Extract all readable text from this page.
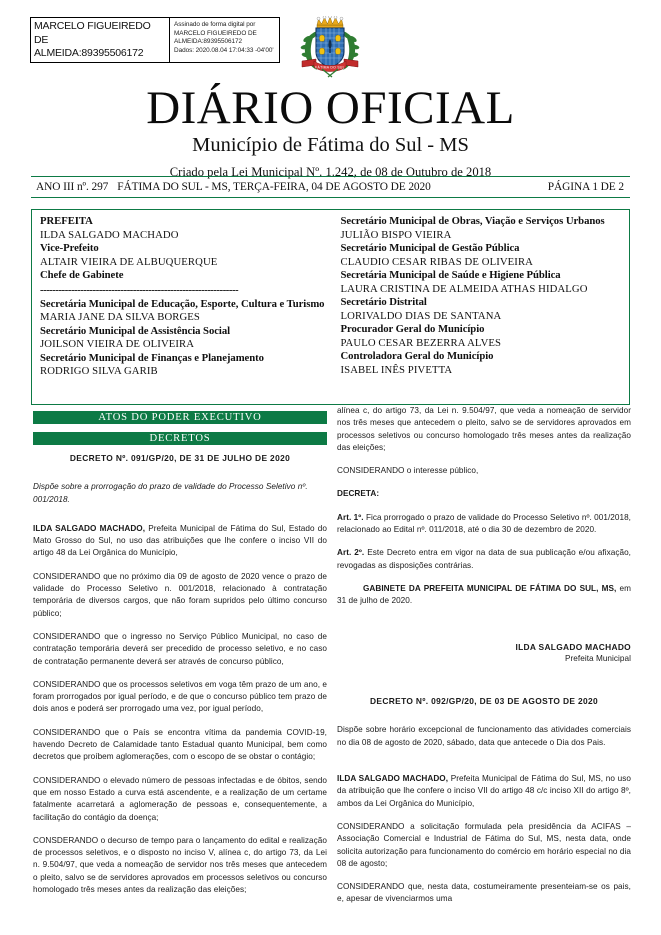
MARCELO FIGUEIREDO
DE
ALMEIDA:89395506172
Assinado de forma digital por
MARCELO FIGUEIREDO DE
ALMEIDA:89395506172
Dados: 2020.08.04 17:04:33 -04'00'
FÁTIMA DO SUL
DIÁRIO OFICIAL
Município de Fátima do Sul - MS
Criado pela Lei Municipal Nº. 1.242, de 08 de Outubro de 2018
ANO III nº. 297 FÁTIMA DO SUL - MS, TERÇA-FEIRA, 04 DE AGOSTO DE 2020	PÁGINA 1 DE 2
PREFEITA
ILDA SALGADO MACHADO
Vice-Prefeito
ALTAIR VIEIRA DE ALBUQUERQUE
Chefe de Gabinete
----------------------------------------------------------------
Secretária Municipal de Educação, Esporte, Cultura e Turismo
MARIA JANE DA SILVA BORGES
Secretário Municipal de Assistência Social
JOILSON VIEIRA DE OLIVEIRA
Secretário Municipal de Finanças e Planejamento
RODRIGO SILVA GARIB
Secretário Municipal de Obras, Viação e Serviços Urbanos
JULIÃO BISPO VIEIRA
Secretário Municipal de Gestão Pública
CLAUDIO CESAR RIBAS DE OLIVEIRA
Secretária Municipal de Saúde e Higiene Pública
LAURA CRISTINA DE ALMEIDA ATHAS HIDALGO
Secretário Distrital
LORIVALDO DIAS DE SANTANA
Procurador Geral do Município
PAULO CESAR BEZERRA ALVES
Controladora Geral do Município
ISABEL INÊS PIVETTA
ATOS DO PODER EXECUTIVO
DECRETOS

DECRETO Nº. 091/GP/20, DE 31 DE JULHO DE 2020

Dispõe sobre a prorrogação do prazo de validade do Processo Seletivo nº. 001/2018.

ILDA SALGADO MACHADO, Prefeita Municipal de Fátima do Sul, Estado do Mato Grosso do Sul, no uso das atribuições que lhe confere o inciso VII do artigo 48 da Lei Orgânica do Município,

CONSIDERANDO que no próximo dia 09 de agosto de 2020 vence o prazo de validade do Processo Seletivo n. 001/2018, relacionado à contratação temporária de diversos cargos, que não foram supridos pelo último concurso público;

CONSIDERANDO que o ingresso no Serviço Público Municipal, no caso de contratação temporária deverá ser precedido de processo seletivo, e no caso de contratação permanente deverá ser através de concurso público,

CONSIDERANDO que os processos seletivos em voga têm prazo de um ano, e foram prorrogados por igual período, e de que o concurso público tem prazo de dois anos e poderá ser prorrogado uma vez, por igual período,

CONSIDERANDO que o País se encontra vítima da pandemia COVID-19, havendo Decreto de Calamidade tanto Estadual quanto Municipal, bem como decretos que proíbem aglomerações, com o escopo de se obstar o contágio;

CONSIDERANDO o elevado número de pessoas infectadas e de óbitos, sendo que em nosso Estado a curva está ascendente, e a realização de um certame fatalmente acarretará a aglomeração de pessoas e, consequentemente, a facilitação do contágio da doença;

CONSDERANDO o decurso de tempo para o lançamento do edital e realização de processos seletivos, e o disposto no inciso V, alínea c, do artigo 73, da Lei n. 9.504/97, que veda a nomeação de servidor nos três meses que antecedem o pleito, salvo se de servidores aprovados em processos seletivos ou concurso homologado três meses antes da realização das eleições;

alínea c, do artigo 73, da Lei n. 9.504/97, que veda a nomeação de servidor nos três meses que antecedem o pleito, salvo se de servidores aprovados em processos seletivos ou concurso homologado três meses antes da realização das eleições;

CONSIDERANDO o interesse público,

DECRETA:

Art. 1º. Fica prorrogado o prazo de validade do Processo Seletivo nº. 001/2018, relacionado ao Edital nº. 011/2018, até o dia 30 de dezembro de 2020.

Art. 2º. Este Decreto entra em vigor na data de sua publicação e/ou afixação, revogadas as disposições contrárias.

GABINETE DA PREFEITA MUNICIPAL DE FÁTIMA DO SUL, MS, em 31 de julho de 2020.

ILDA SALGADO MACHADO

Prefeita Municipal

DECRETO Nº. 092/GP/20, DE 03 DE AGOSTO DE 2020

Dispõe sobre horário excepcional de funcionamento das atividades comerciais no dia 08 de agosto de 2020, sábado, data que antecede o Dia dos Pais.

ILDA SALGADO MACHADO, Prefeita Municipal de Fátima do Sul, MS, no uso da atribuição que lhe confere o inciso VII do artigo 48 c/c inciso XII do artigo 8º, ambos da Lei Orgânica do Município,

CONSIDERANDO a solicitação formulada pela presidência da ACIFAS – Associação Comercial e Industrial de Fátima do Sul, MS, nesta data, onde solicita autorização para funcionamento do comércio em horário especial no dia 08 de agosto;

CONSIDERANDO que, nesta data, costumeiramente presenteiam-se os pais, e, apesar de vivenciarmos uma
